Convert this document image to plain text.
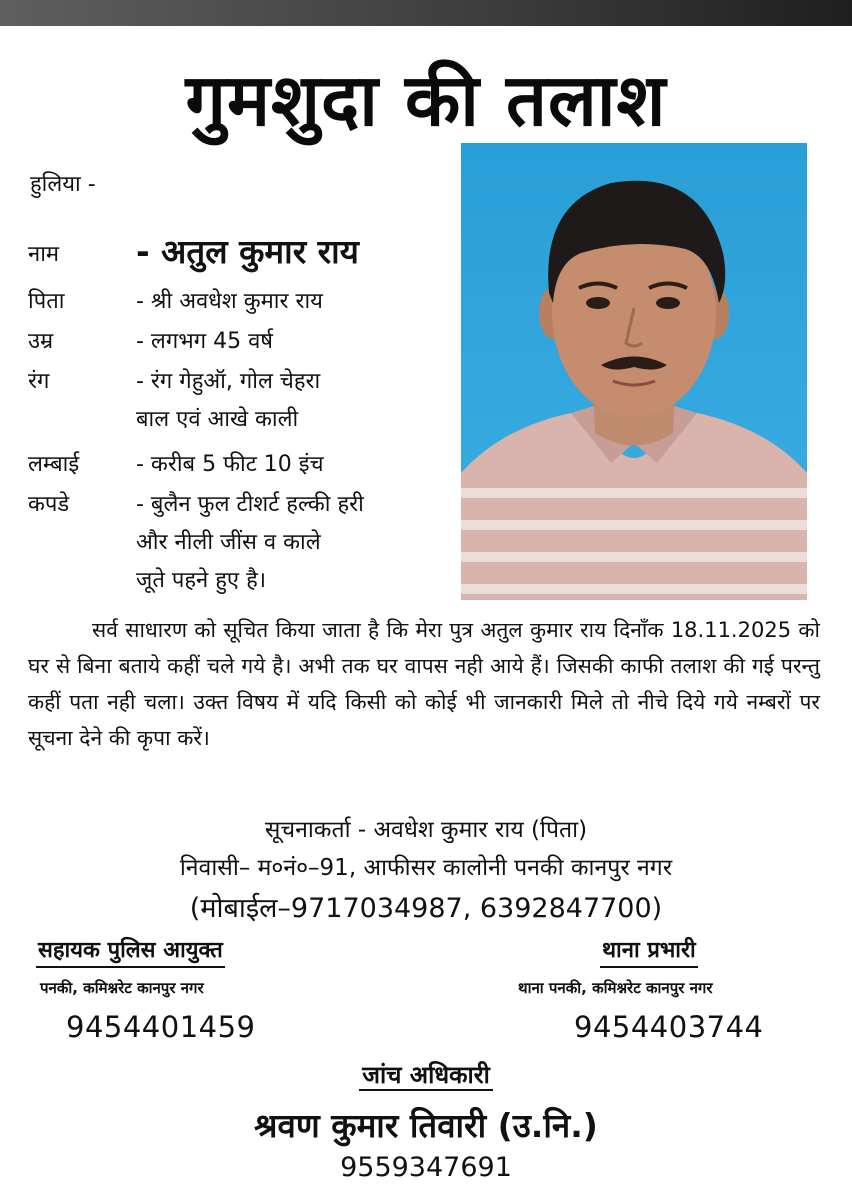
गुमशुदा की तलाश
हुलिया -
नाम - अतुल कुमार राय
पिता	- श्री अवधेश कुमार राय
उम्र	- लगभग 45 वर्ष
रंग	- रंग गेहुऑ, गोल चेहरा
बाल एवं आखे काली
लम्बाई	- करीब 5 फीट 10 इंच
कपडे	- बुलैन फुल टीशर्ट हल्की हरी
और नीली जींस व काले
जूते पहने हुए है।
सर्व साधारण को सूचित किया जाता है कि मेरा पुत्र अतुल कुमार राय दिनाँक 18.11.2025 को घर से बिना बताये कहीं चले गये है। अभी तक घर वापस नही आये हैं। जिसकी काफी तलाश की गई परन्तु कहीं पता नही चला। उक्त विषय में यदि किसी को कोई भी जानकारी मिले तो नीचे दिये गये नम्बरों पर सूचना देने की कृपा करें।
सूचनाकर्ता - अवधेश कुमार राय (पिता)
निवासी– म०नं०–91, आफीसर कालोनी पनकी कानपुर नगर
(मोबाईल–9717034987, 6392847700)
सहायक पुलिस आयुक्त
पनकी, कमिश्नरेट कानपुर नगर
9454401459
थाना प्रभारी
थाना पनकी, कमिश्नरेट कानपुर नगर
9454403744
जांच अधिकारी
श्रवण कुमार तिवारी (उ.नि.)
9559347691
